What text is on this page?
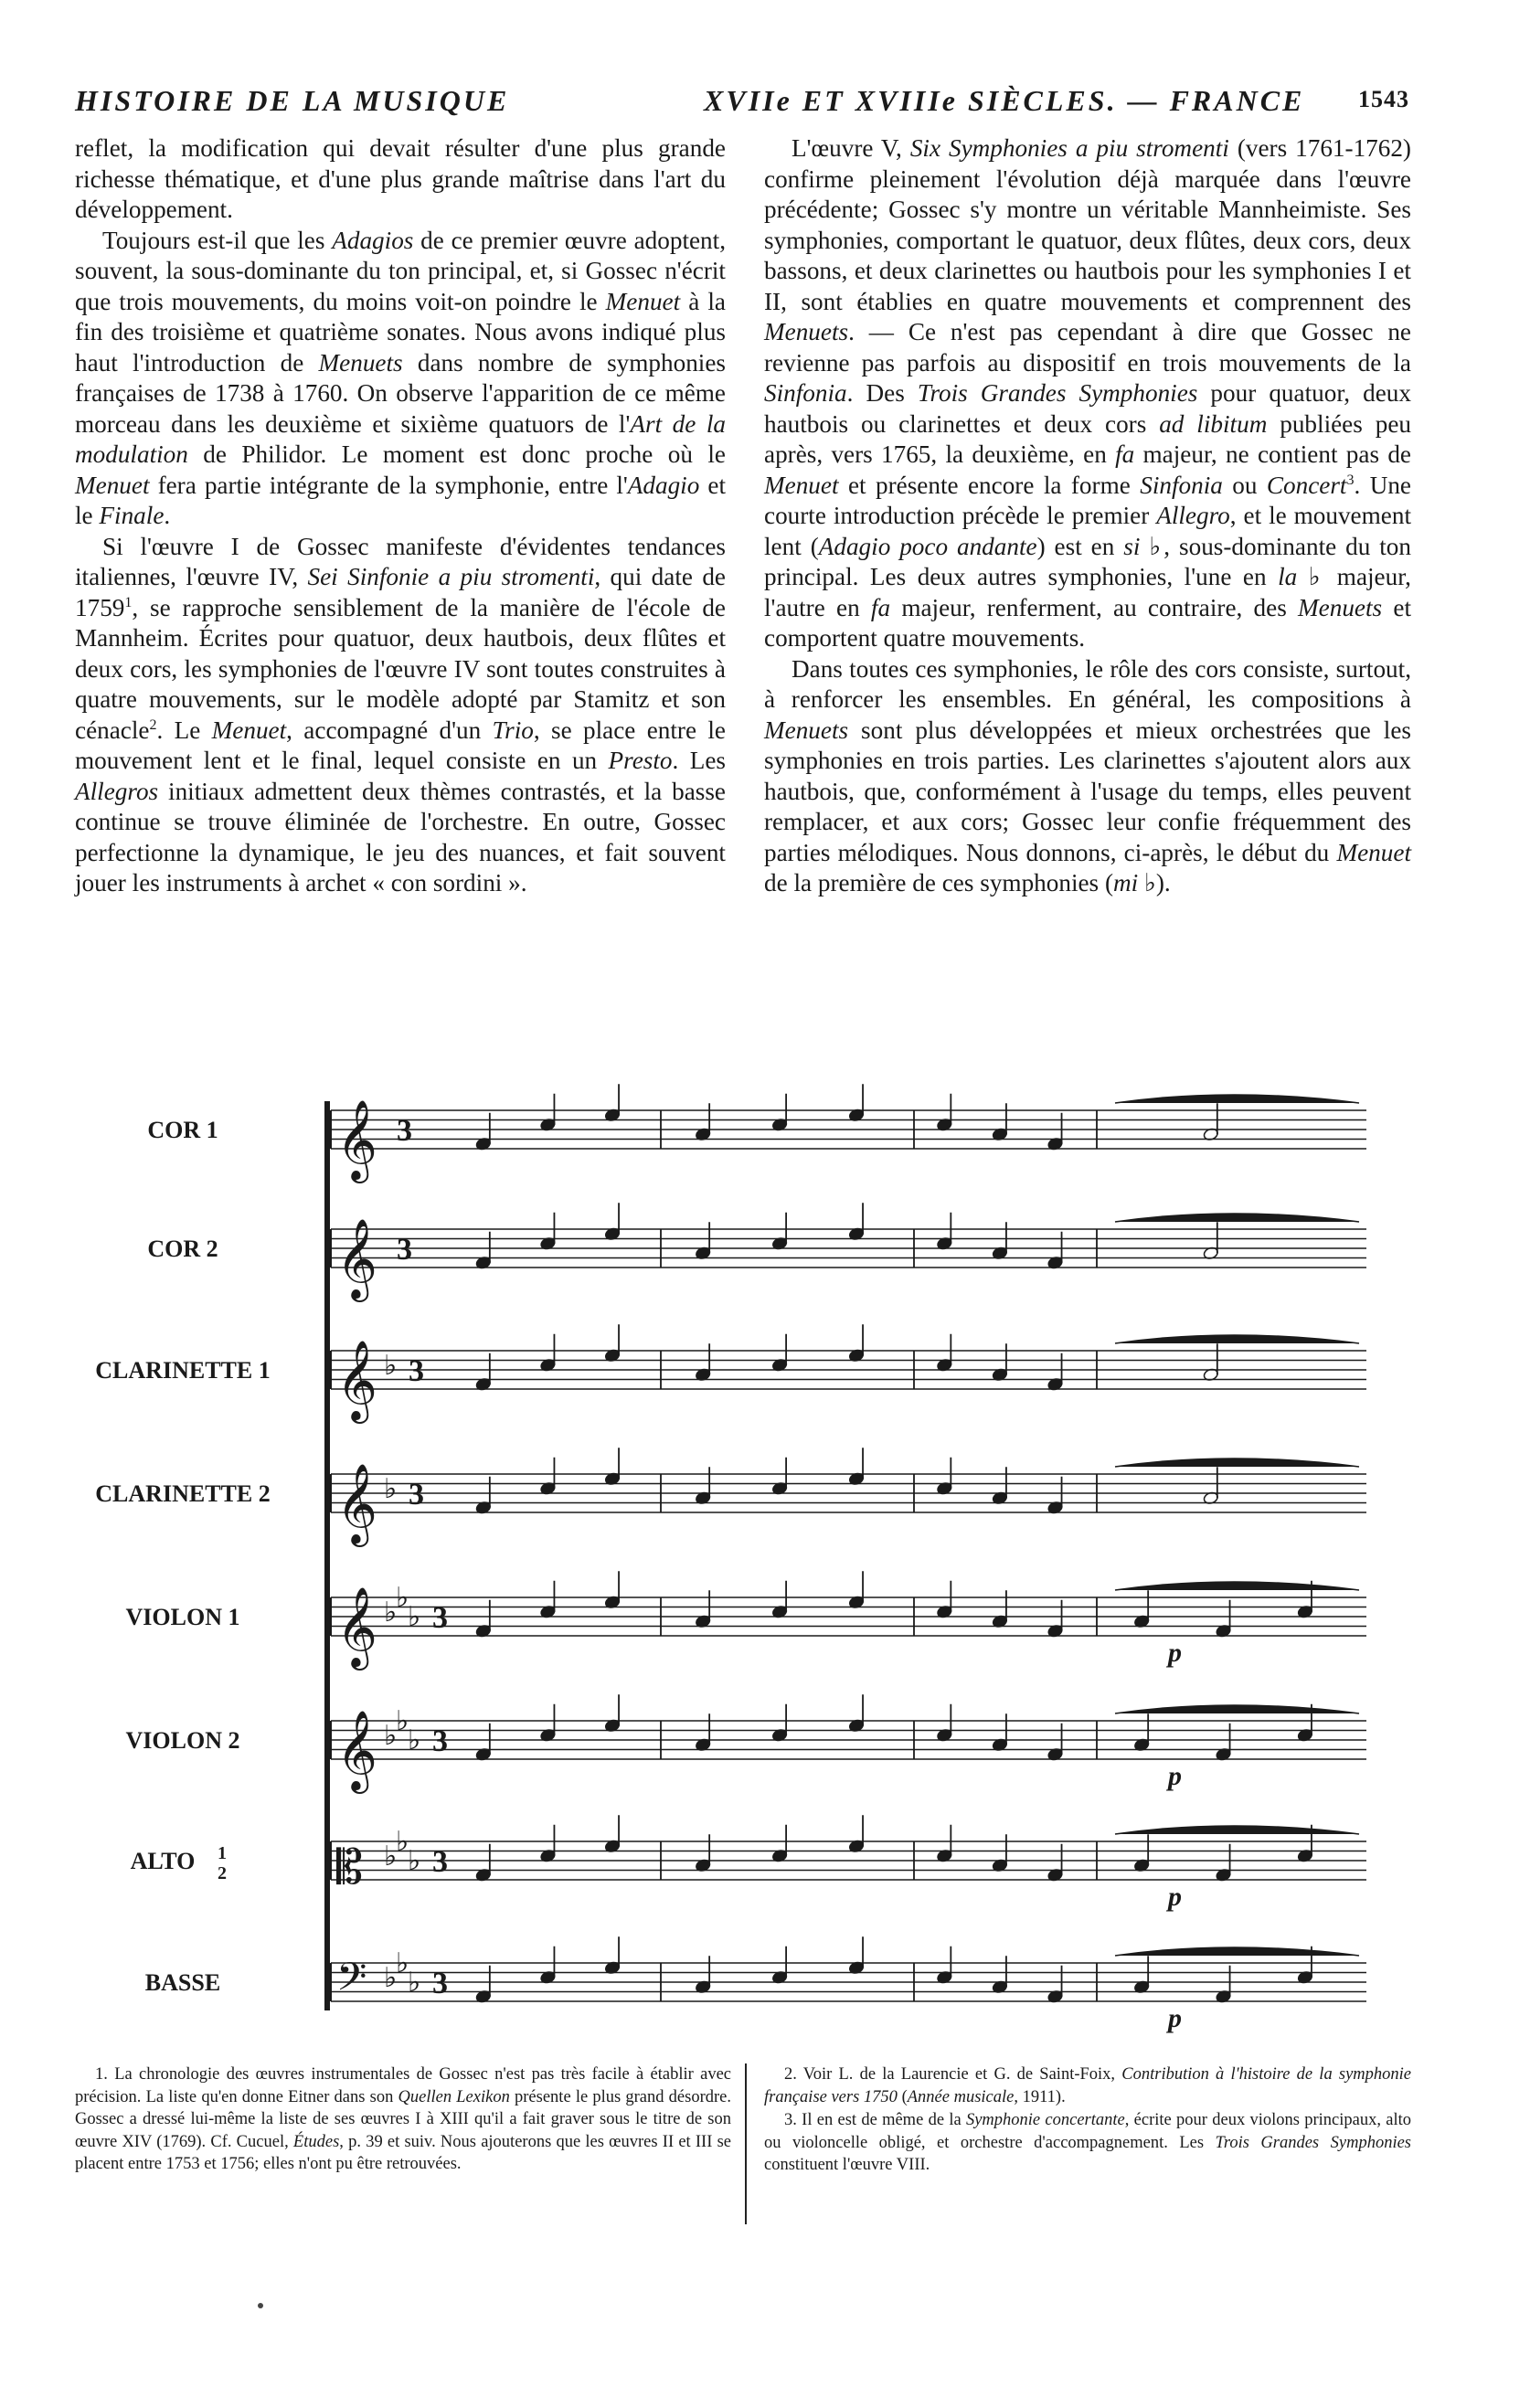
HISTOIRE DE LA MUSIQUE	XVIIe ET XVIIIe SIÈCLES. — FRANCE 1543

reflet, la modification qui devait résulter d'une plus grande richesse thématique, et d'une plus grande maîtrise dans l'art du développement.

Toujours est-il que les Adagios de ce premier œuvre adoptent, souvent, la sous-dominante du ton principal, et, si Gossec n'écrit que trois mouvements, du moins voit-on poindre le Menuet à la fin des troisième et quatrième sonates. Nous avons indiqué plus haut l'introduction de Menuets dans nombre de symphonies françaises de 1738 à 1760. On observe l'apparition de ce même morceau dans les deuxième et sixième quatuors de l'Art de la modulation de Philidor. Le moment est donc proche où le Menuet fera partie intégrante de la symphonie, entre l'Adagio et le Finale.

Si l'œuvre I de Gossec manifeste d'évidentes tendances italiennes, l'œuvre IV, Sei Sinfonie a piu stromenti, qui date de 1759$^1$, se rapproche sensiblement de la manière de l'école de Mannheim. Écrites pour quatuor, deux hautbois, deux flûtes et deux cors, les symphonies de l'œuvre IV sont toutes construites à quatre mouvements, sur le modèle adopté par Stamitz et son cénacle$^2$. Le Menuet, accompagné d'un Trio, se place entre le mouvement lent et le final, lequel consiste en un Presto. Les Allegros initiaux admettent deux thèmes contrastés, et la basse continue se trouve éliminée de l'orchestre. En outre, Gossec perfectionne la dynamique, le jeu des nuances, et fait souvent jouer les instruments à archet « con sordini ».

L'œuvre V, Six Symphonies a piu stromenti (vers 1761-1762) confirme pleinement l'évolution déjà marquée dans l'œuvre précédente; Gossec s'y montre un véritable Mannheimiste. Ses symphonies, comportant le quatuor, deux flûtes, deux cors, deux bassons, et deux clarinettes ou hautbois pour les symphonies I et II, sont établies en quatre mouvements et comprennent des Menuets. — Ce n'est pas cependant à dire que Gossec ne revienne pas parfois au dispositif en trois mouvements de la Sinfonia. Des Trois Grandes Symphonies pour quatuor, deux hautbois ou clarinettes et deux cors ad libitum publiées peu après, vers 1765, la deuxième, en fa majeur, ne contient pas de Menuet et présente encore la forme Sinfonia ou Concert$^3$. Une courte introduction précède le premier Allegro, et le mouvement lent (Adagio poco andante) est en si ♭, sous-dominante du ton principal. Les deux autres symphonies, l'une en la ♭ majeur, l'autre en fa majeur, renferment, au contraire, des Menuets et comportent quatre mouvements.

Dans toutes ces symphonies, le rôle des cors consiste, surtout, à renforcer les ensembles. En général, les compositions à Menuets sont plus développées et mieux orchestrées que les symphonies en trois parties. Les clarinettes s'ajoutent alors aux hautbois, que, conformément à l'usage du temps, elles peuvent remplacer, et aux cors; Gossec leur confie fréquemment des parties mélodiques. Nous donnons, ci-après, le début du Menuet de la première de ces symphonies (mi ♭).

COR 1
COR 2
CLARINETTE 1
CLARINETTE 2
VIOLON 1
VIOLON 2
ALTO 1
2
BASSE
𝄞 3
𝄞 3
𝄞 ♭ 3
𝄞 ♭ 3
𝄞 ♭
♭
♭ 3
p
𝄞 ♭
♭
♭ 3
p
𝄡 ♭
♭
♭ 3
p
𝄢 ♭
♭
♭ 3
p

1. La chronologie des œuvres instrumentales de Gossec n'est pas très facile à établir avec précision. La liste qu'en donne Eitner dans son Quellen Lexikon présente le plus grand désordre. Gossec a dressé lui-même la liste de ses œuvres I à XIII qu'il a fait graver sous le titre de son œuvre XIV (1769). Cf. Cucuel, Études, p. 39 et suiv. Nous ajouterons que les œuvres II et III se placent entre 1753 et 1756; elles n'ont pu être retrouvées.

2. Voir L. de la Laurencie et G. de Saint-Foix, Contribution à l'histoire de la symphonie française vers 1750 (Année musicale, 1911).

3. Il en est de même de la Symphonie concertante, écrite pour deux violons principaux, alto ou violoncelle obligé, et orchestre d'accompagnement. Les Trois Grandes Symphonies constituent l'œuvre VIII.
